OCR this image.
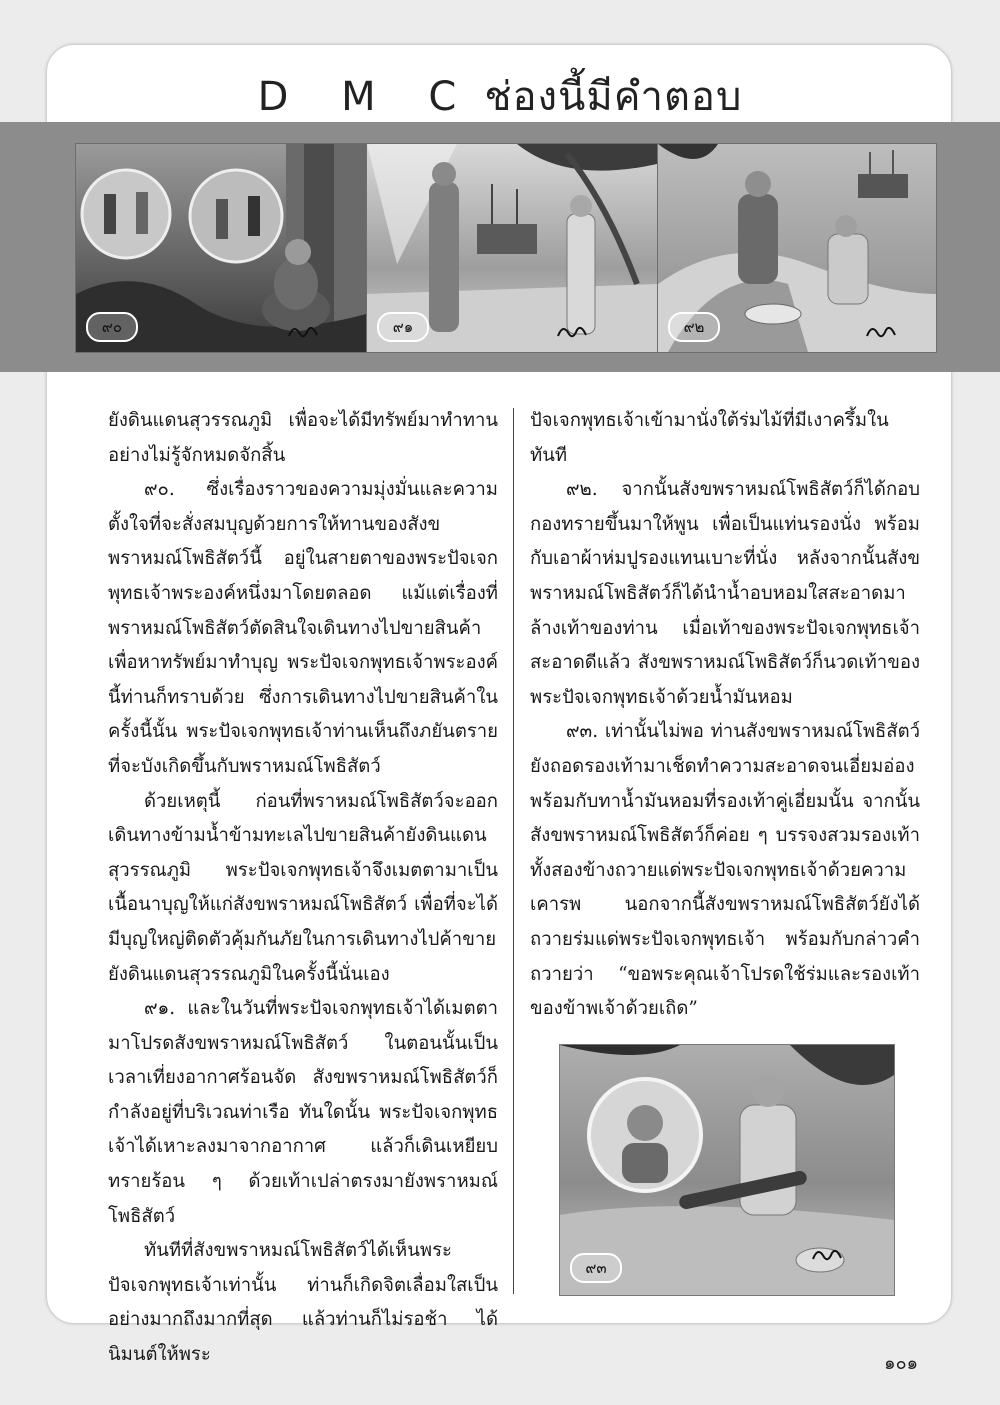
D M C ช่องนี้มีคำตอบ
๙๐	๙๑	๙๒

ยังดินแดนสุวรรณภูมิ เพื่อจะได้มีทรัพย์มาทำทาน อย่างไม่รู้จักหมดจักสิ้น

๙๐. ซึ่งเรื่องราวของความมุ่งมั่นและความตั้งใจที่จะสั่งสมบุญด้วยการให้ทานของสังขพราหมณ์โพธิสัตว์นี้ อยู่ในสายตาของพระปัจเจกพุทธเจ้าพระองค์หนึ่งมาโดยตลอด แม้แต่เรื่องที่พราหมณ์โพธิสัตว์ตัดสินใจเดินทางไปขายสินค้าเพื่อหาทรัพย์มาทำบุญ พระปัจเจกพุทธเจ้าพระองค์นี้ท่านก็ทราบด้วย ซึ่งการเดินทางไปขายสินค้าในครั้งนี้นั้น พระปัจเจกพุทธเจ้าท่านเห็นถึงภยันตรายที่จะบังเกิดขึ้นกับพราหมณ์โพธิสัตว์

ด้วยเหตุนี้ ก่อนที่พราหมณ์โพธิสัตว์จะออกเดินทางข้ามน้ำข้ามทะเลไปขายสินค้ายังดินแดนสุวรรณภูมิ พระปัจเจกพุทธเจ้าจึงเมตตามาเป็นเนื้อนาบุญให้แก่สังขพราหมณ์โพธิสัตว์ เพื่อที่จะได้มีบุญใหญ่ติดตัวคุ้มกันภัยในการเดินทางไปค้าขายยังดินแดนสุวรรณภูมิในครั้งนี้นั่นเอง

๙๑. และในวันที่พระปัจเจกพุทธเจ้าได้เมตตามาโปรดสังขพราหมณ์โพธิสัตว์ ในตอนนั้นเป็นเวลาเที่ยงอากาศร้อนจัด สังขพราหมณ์โพธิสัตว์ก็กำลังอยู่ที่บริเวณท่าเรือ ทันใดนั้น พระปัจเจกพุทธเจ้าได้เหาะลงมาจากอากาศ แล้วก็เดินเหยียบทรายร้อน ๆ ด้วยเท้าเปล่าตรงมายังพราหมณ์โพธิสัตว์

ทันทีที่สังขพราหมณ์โพธิสัตว์ได้เห็นพระปัจเจกพุทธเจ้าเท่านั้น ท่านก็เกิดจิตเลื่อมใสเป็นอย่างมากถึงมากที่สุด แล้วท่านก็ไม่รอช้า ได้นิมนต์ให้พระ

ปัจเจกพุทธเจ้าเข้ามานั่งใต้ร่มไม้ที่มีเงาครึ้มในทันที

๙๒. จากนั้นสังขพราหมณ์โพธิสัตว์ก็ได้กอบกองทรายขึ้นมาให้พูน เพื่อเป็นแท่นรองนั่ง พร้อมกับเอาผ้าห่มปูรองแทนเบาะที่นั่ง หลังจากนั้นสังขพราหมณ์โพธิสัตว์ก็ได้นำน้ำอบหอมใสสะอาดมาล้างเท้าของท่าน เมื่อเท้าของพระปัจเจกพุทธเจ้าสะอาดดีแล้ว สังขพราหมณ์โพธิสัตว์ก็นวดเท้าของพระปัจเจกพุทธเจ้าด้วยน้ำมันหอม

๙๓. เท่านั้นไม่พอ ท่านสังขพราหมณ์โพธิสัตว์ยังถอดรองเท้ามาเช็ดทำความสะอาดจนเอี่ยมอ่องพร้อมกับทาน้ำมันหอมที่รองเท้าคู่เอี่ยมนั้น จากนั้นสังขพราหมณ์โพธิสัตว์ก็ค่อย ๆ บรรจงสวมรองเท้าทั้งสองข้างถวายแด่พระปัจเจกพุทธเจ้าด้วยความเคารพ นอกจากนี้สังขพราหมณ์โพธิสัตว์ยังได้ถวายร่มแด่พระปัจเจกพุทธเจ้า พร้อมกับกล่าวคำถวายว่า “ขอพระคุณเจ้าโปรดใช้ร่มและรองเท้าของข้าพเจ้าด้วยเถิด”

๙๓
๑๐๑
